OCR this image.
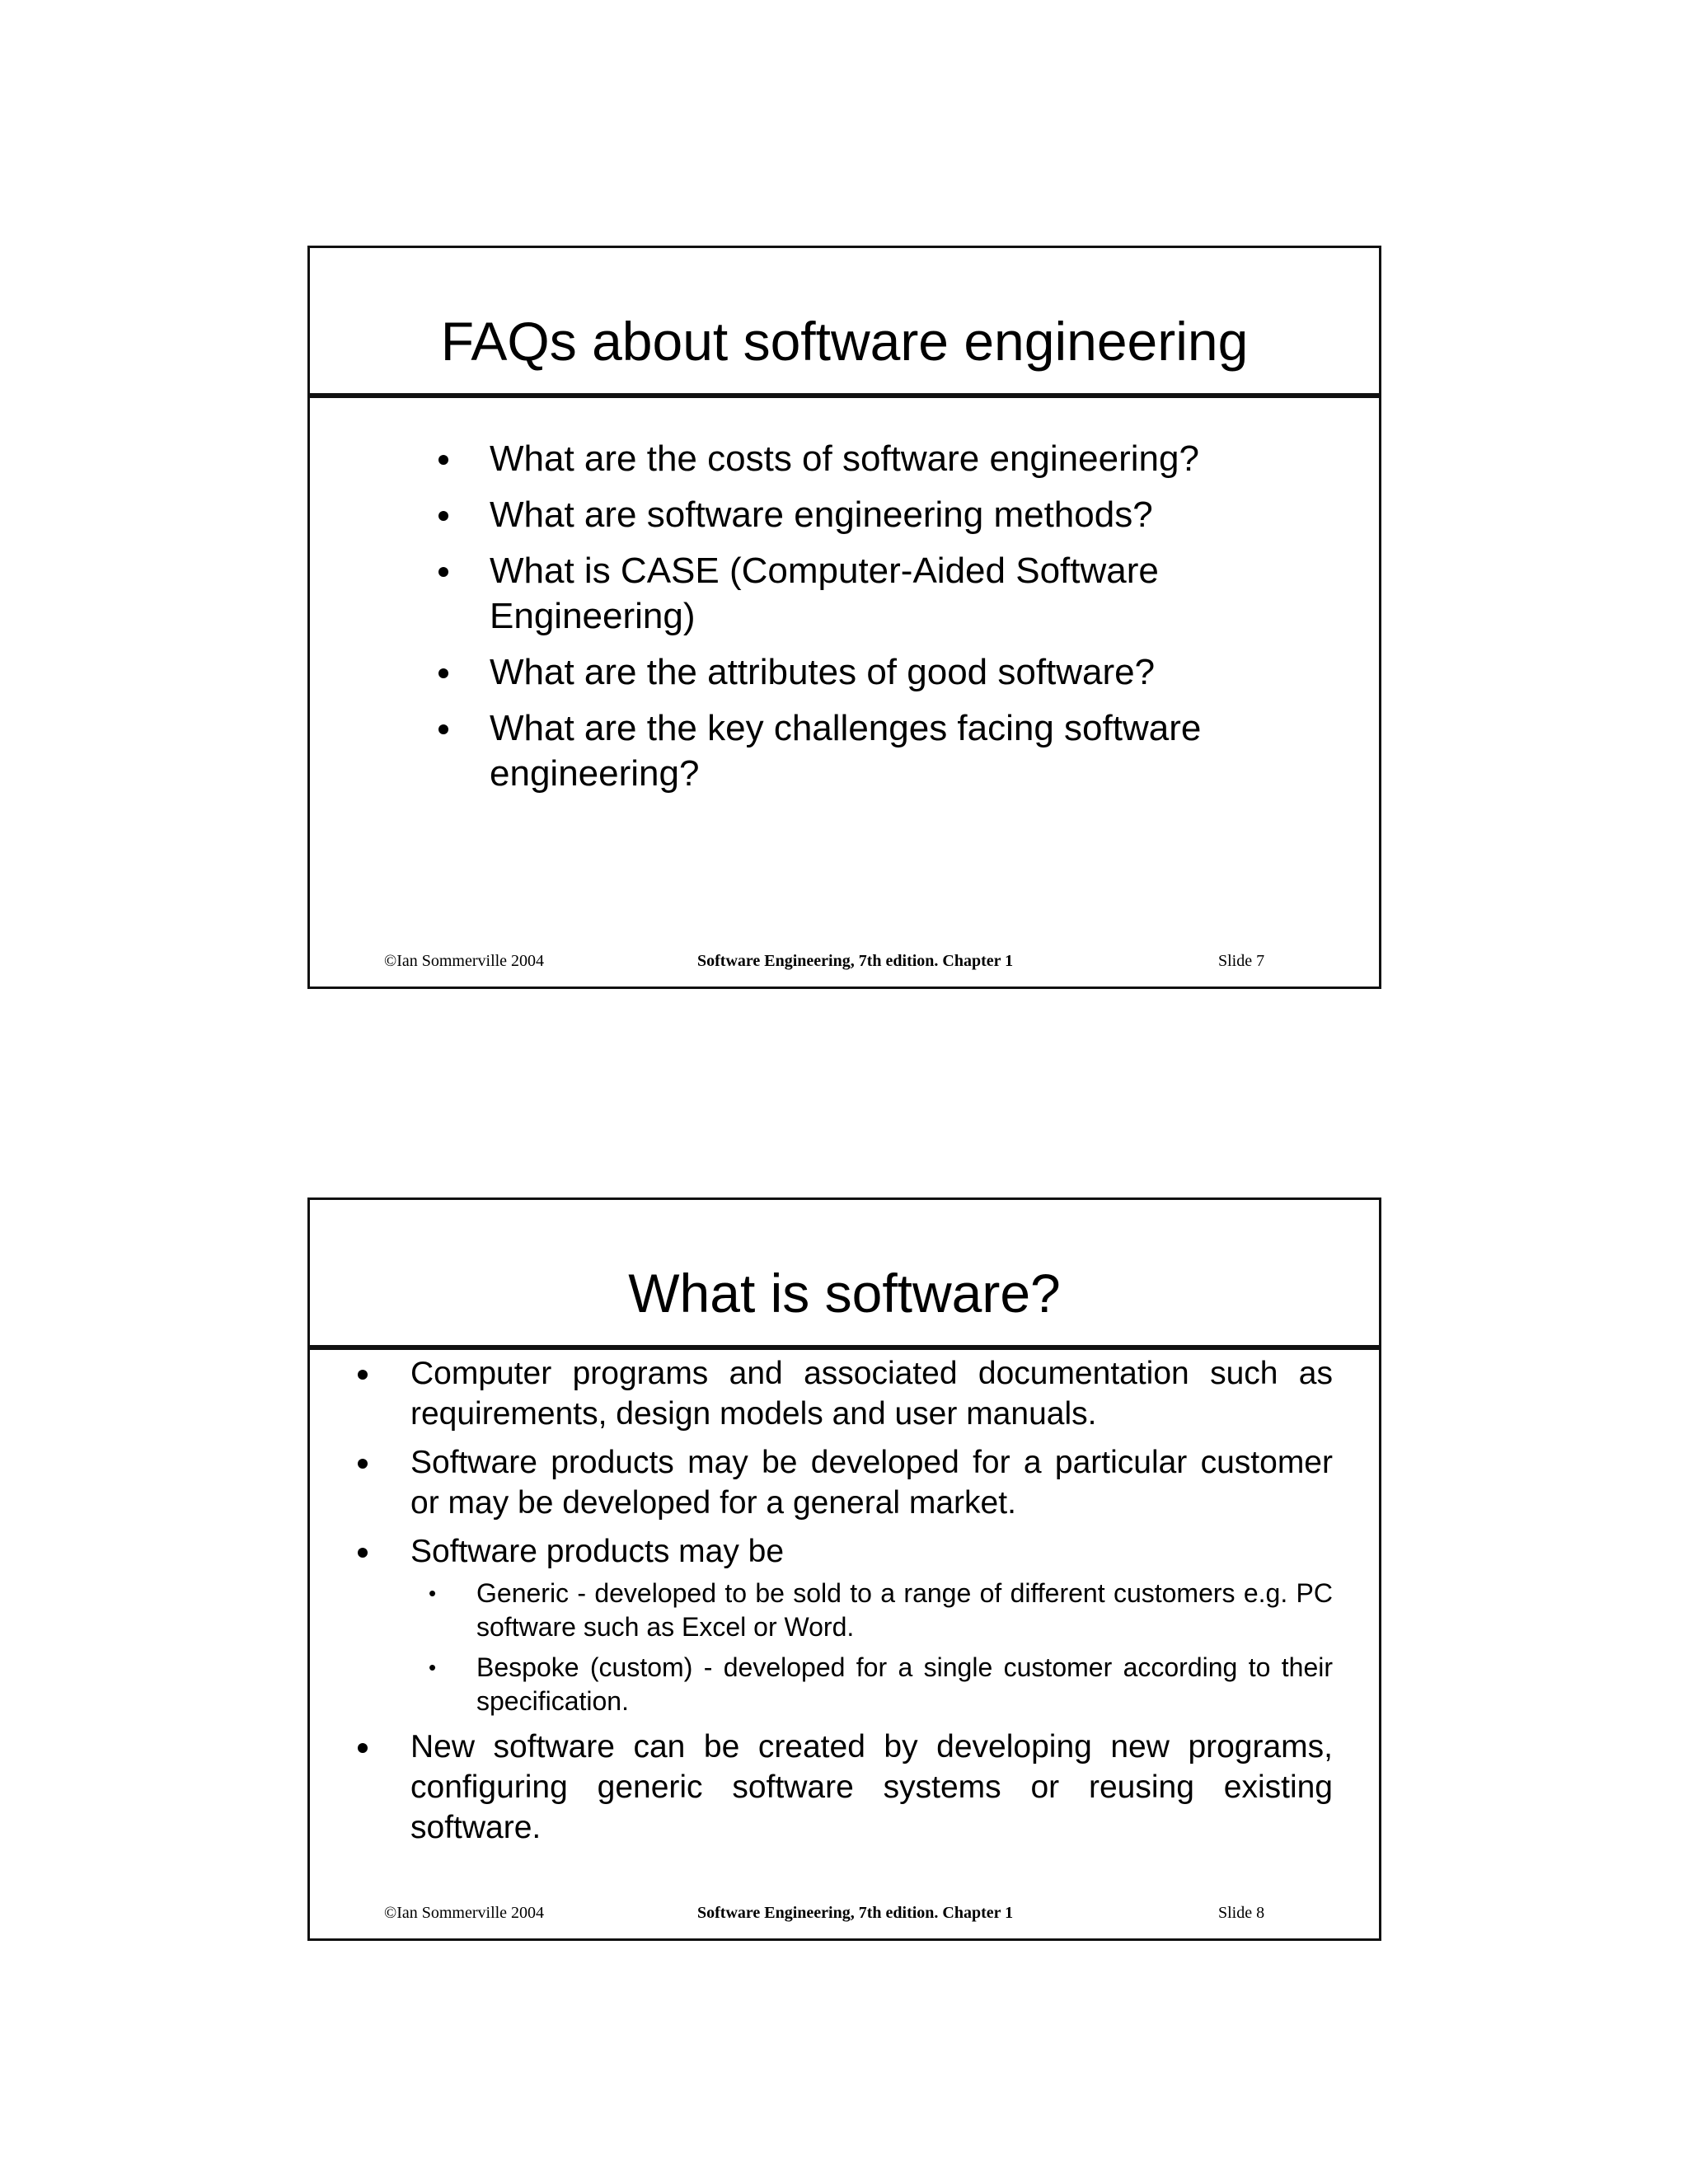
FAQs about software engineering
What are the costs of software engineering?
What are software engineering methods?
What is CASE (Computer-Aided Software Engineering)
What are the attributes of good software?
What are the key challenges facing software engineering?
©Ian Sommerville 2004	Software Engineering, 7th edition. Chapter 1	Slide 7
What is software?
Computer programs and associated documentation such as requirements, design models and user manuals.
Software products may be developed for a particular customer or may be developed for a general market.
Software products may be
• Generic - developed to be sold to a range of different customers e.g. PC software such as Excel or Word.
• Bespoke (custom) - developed for a single customer according to their specification.
New software can be created by developing new programs, configuring generic software systems or reusing existing software.
©Ian Sommerville 2004	Software Engineering, 7th edition. Chapter 1	Slide 8
